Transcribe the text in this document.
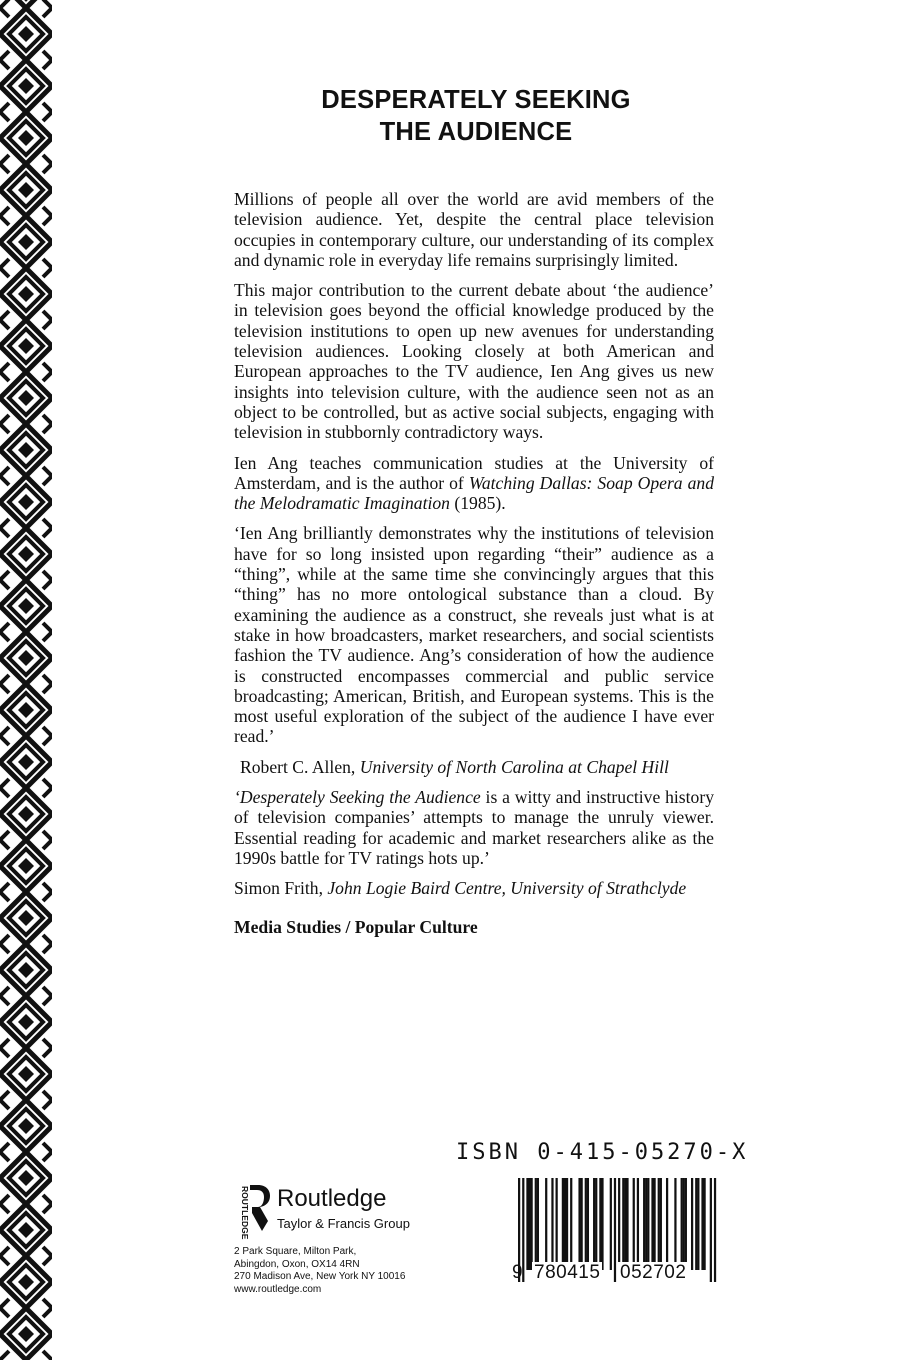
DESPERATELY SEEKING
THE AUDIENCE

Millions of people all over the world are avid members of the television audience. Yet, despite the central place television occupies in contemporary culture, our understanding of its complex and dynamic role in everyday life remains surprisingly limited.

This major contribution to the current debate about ‘the audience’ in television goes beyond the official knowledge produced by the television institutions to open up new avenues for understanding television audiences. Looking closely at both American and European approaches to the TV audience, Ien Ang gives us new insights into television culture, with the audience seen not as an object to be controlled, but as active social subjects, engaging with television in stubbornly contradictory ways.

Ien Ang teaches communication studies at the University of Amsterdam, and is the author of Watching Dallas: Soap Opera and the Melodramatic Imagination (1985).

‘Ien Ang brilliantly demonstrates why the institutions of television have for so long insisted upon regarding “their” audience as a “thing”, while at the same time she convincingly argues that this “thing” has no more ontological substance than a cloud. By examining the audience as a construct, she reveals just what is at stake in how broadcasters, market researchers, and social scientists fashion the TV audience. Ang’s consideration of how the audience is constructed encompasses commercial and public service broadcasting; American, British, and European systems. This is the most useful exploration of the subject of the audience I have ever read.’

Robert C. Allen, University of North Carolina at Chapel Hill

‘Desperately Seeking the Audience is a witty and instructive history of television companies’ attempts to manage the unruly viewer. Essential reading for academic and market researchers alike as the 1990s battle for TV ratings hots up.’

Simon Frith, John Logie Baird Centre, University of Strathclyde

Media Studies / Popular Culture

ISBN 0-415-05270-X
9 780415 052702
ROUTLEDGE Routledge
Taylor & Francis Group
2 Park Square, Milton Park,
Abingdon, Oxon, OX14 4RN
270 Madison Ave, New York NY 10016
www.routledge.com
